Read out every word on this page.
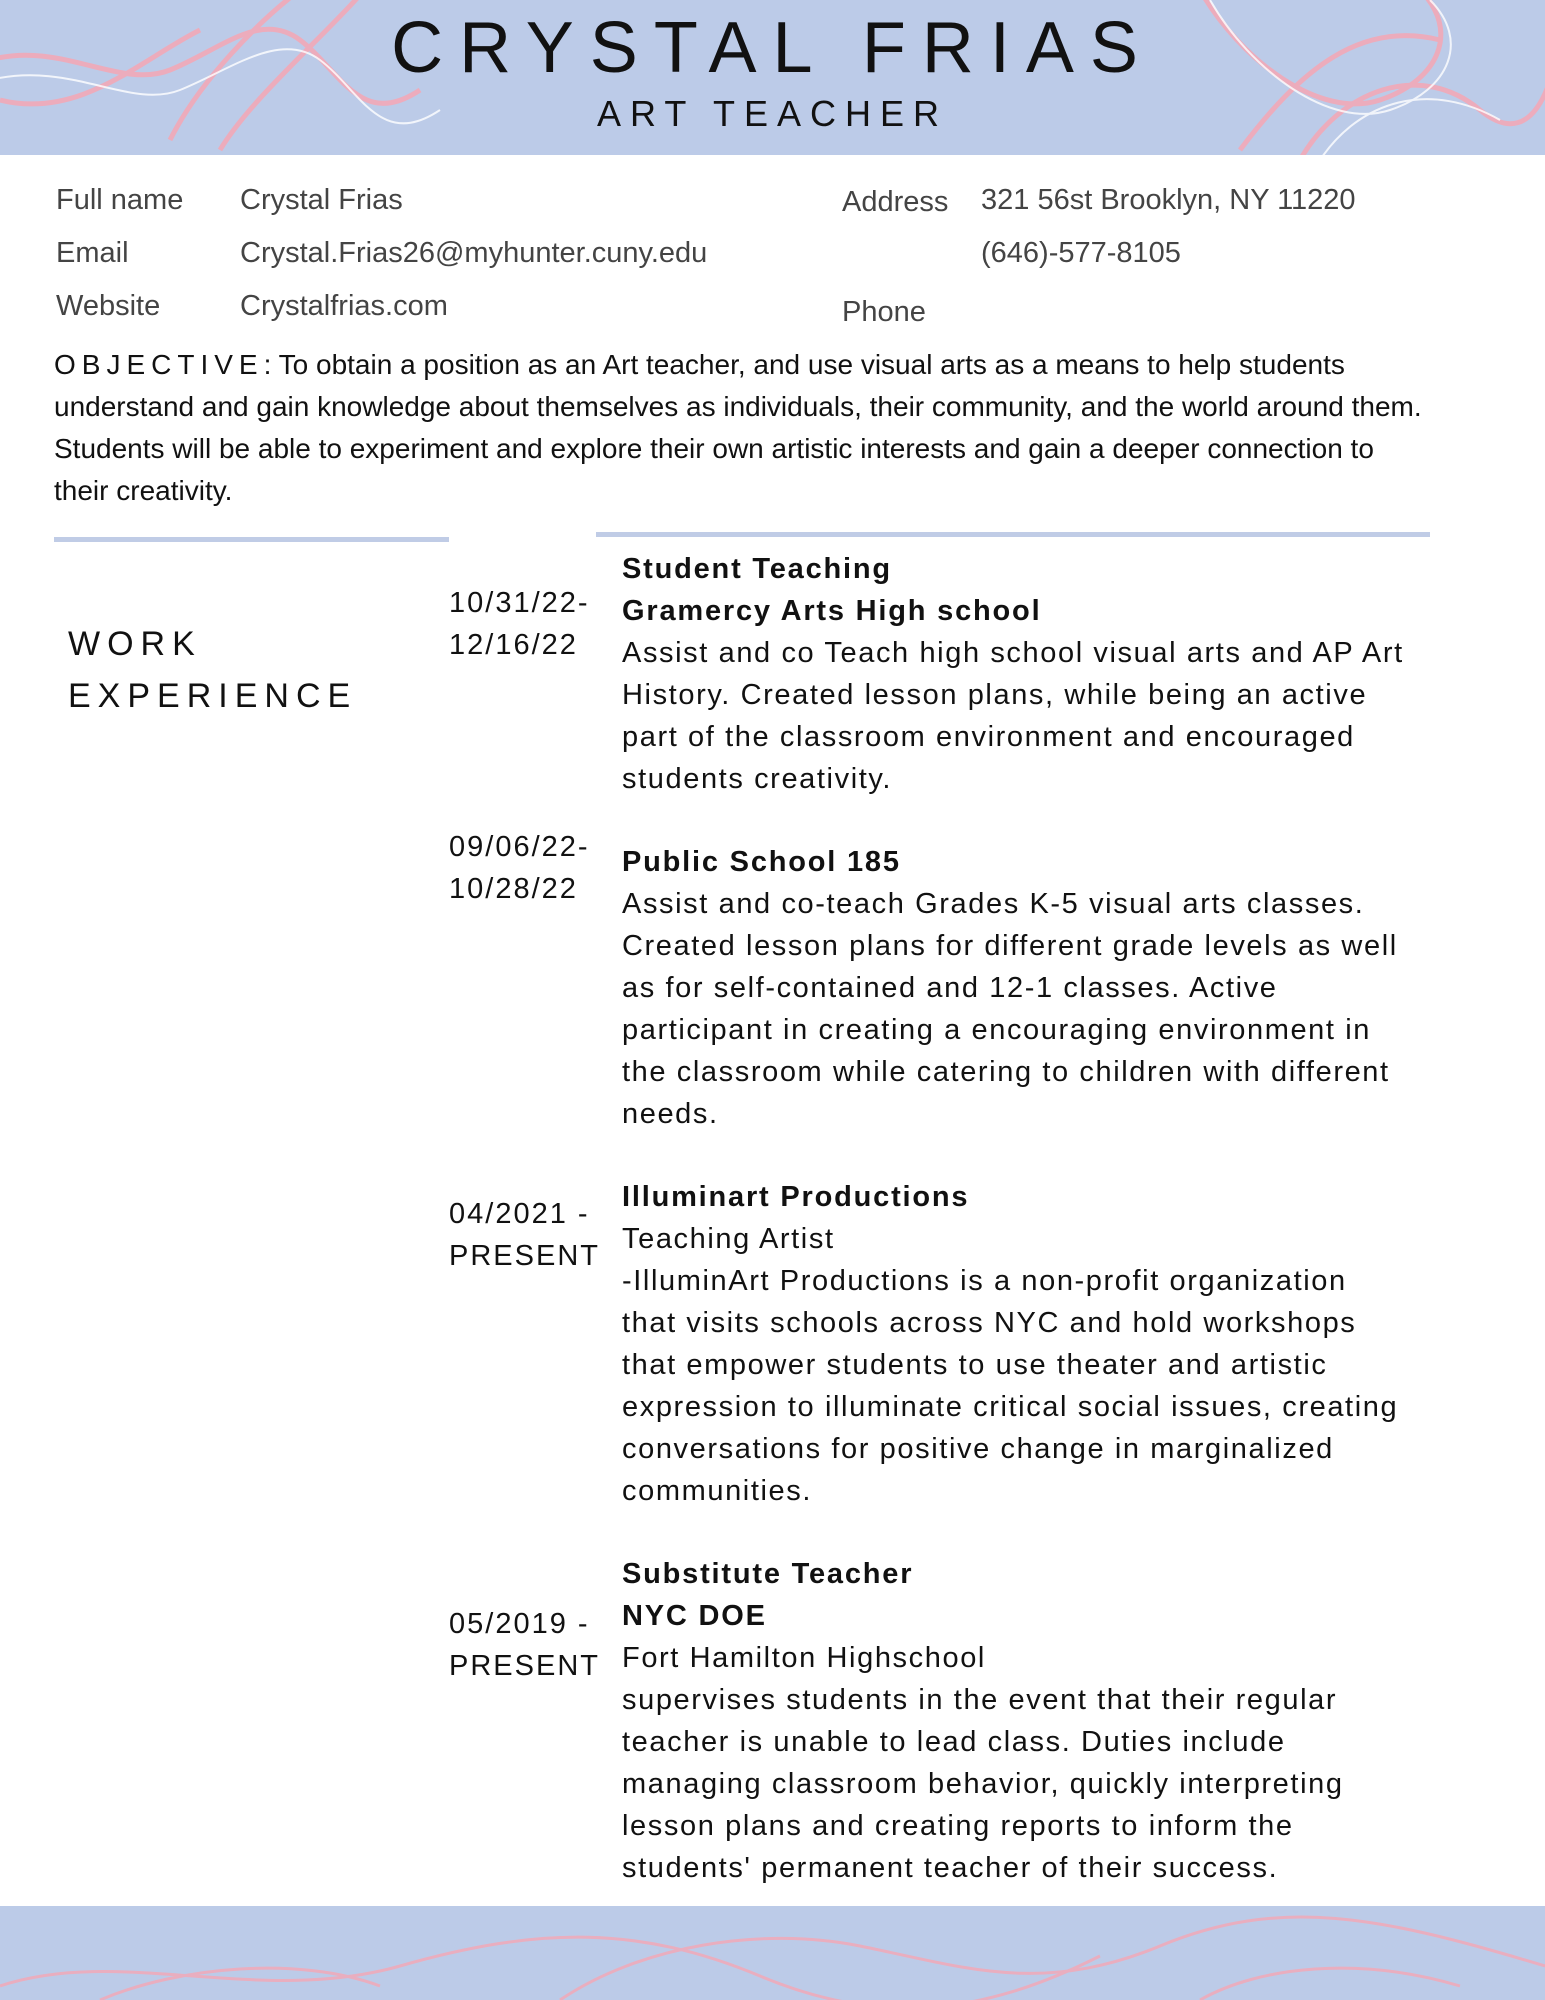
CRYSTAL FRIAS
ART TEACHER
Full name Crystal Frias
Email	Crystal.Frias26@myhunter.cuny.edu
Website	Crystalfrias.com
Address 321 56st Brooklyn, NY 11220
(646)-577-8105
Phone
OBJECTIVE: To obtain a position as an Art teacher, and use visual arts as a means to help students understand and gain knowledge about themselves as individuals, their community, and the world around them. Students will be able to experiment and explore their own artistic interests and gain a deeper connection to their creativity.
WORK
EXPERIENCE
10/31/22-
12/16/22
Student Teaching
Gramercy Arts High school
Assist and co Teach high school visual arts and AP Art
History. Created lesson plans, while being an active
part of the classroom environment and encouraged
students creativity.
09/06/22-
10/28/22
Public School 185
Assist and co-teach Grades K-5 visual arts classes.
Created lesson plans for different grade levels as well
as for self-contained and 12-1 classes. Active
participant in creating a encouraging environment in
the classroom while catering to children with different
needs.
04/2021 -
PRESENT
Illuminart Productions
Teaching Artist
-IlluminArt Productions is a non-profit organization
that visits schools across NYC and hold workshops
that empower students to use theater and artistic
expression to illuminate critical social issues, creating
conversations for positive change in marginalized
communities.
05/2019 -
PRESENT
Substitute Teacher
NYC DOE
Fort Hamilton Highschool
supervises students in the event that their regular
teacher is unable to lead class. Duties include
managing classroom behavior, quickly interpreting
lesson plans and creating reports to inform the
students' permanent teacher of their success.
